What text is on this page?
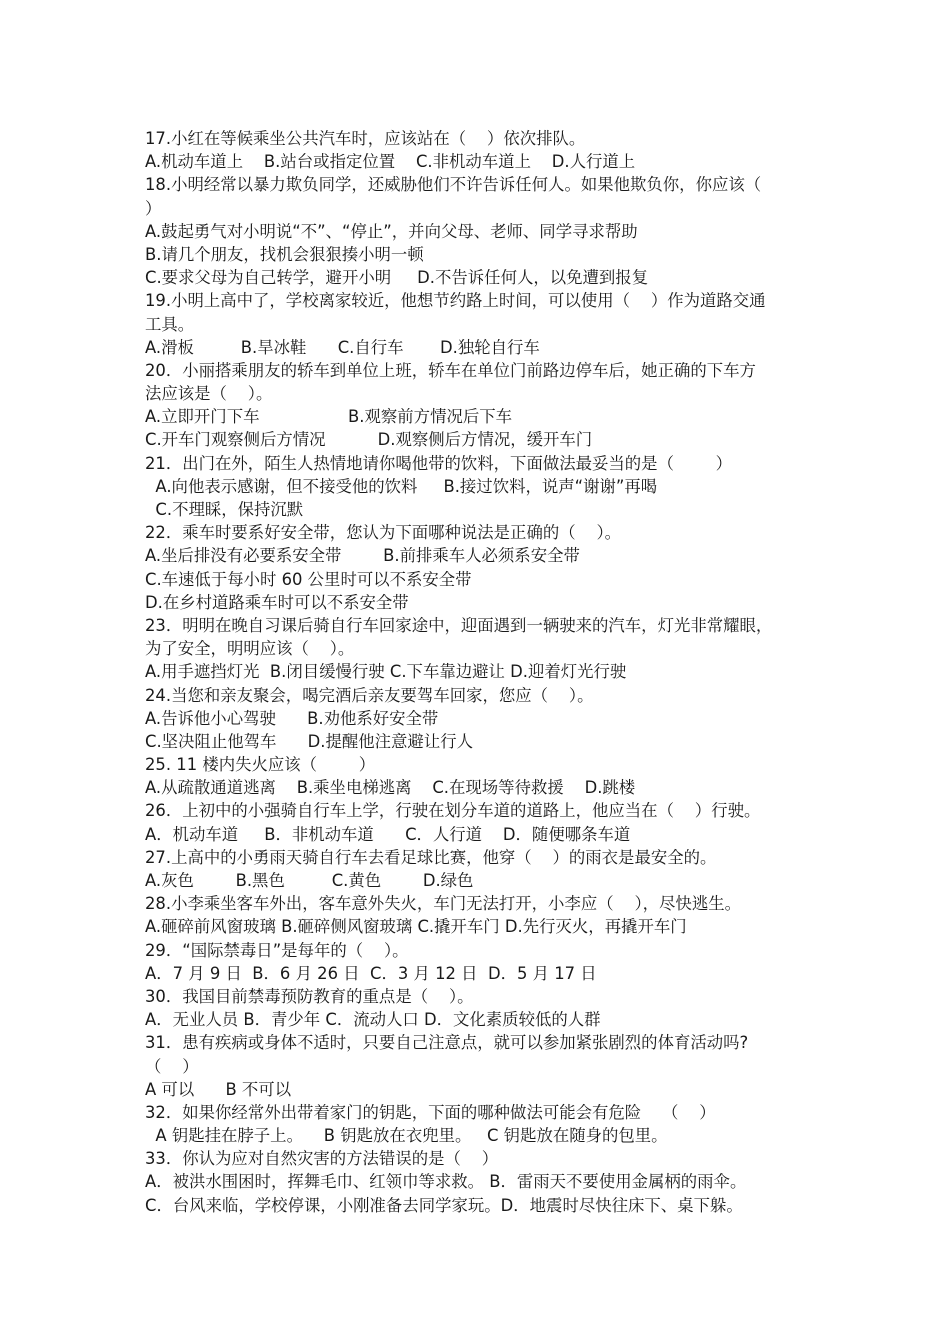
17.小红在等候乘坐公共汽车时，应该站在（    ）依次排队。
A.机动车道上    B.站台或指定位置    C.非机动车道上    D.人行道上
18.小明经常以暴力欺负同学，还威胁他们不许告诉任何人。如果他欺负你，你应该（
）
A.鼓起勇气对小明说“不”、“停止”，并向父母、老师、同学寻求帮助
B.请几个朋友，找机会狠狠揍小明一顿
C.要求父母为自己转学，避开小明     D.不告诉任何人，以免遭到报复
19.小明上高中了，学校离家较近，他想节约路上时间，可以使用（    ）作为道路交通
工具。
A.滑板         B.旱冰鞋      C.自行车       D.独轮自行车
20．小丽搭乘朋友的轿车到单位上班，轿车在单位门前路边停车后，她正确的下车方
法应该是（    ）。
A.立即开门下车                 B.观察前方情况后下车
C.开车门观察侧后方情况          D.观察侧后方情况，缓开车门
21．出门在外，陌生人热情地请你喝他带的饮料，下面做法最妥当的是（        ）
A.向他表示感谢，但不接受他的饮料     B.接过饮料，说声“谢谢”再喝
C.不理睬，保持沉默
22．乘车时要系好安全带，您认为下面哪种说法是正确的（    ）。
A.坐后排没有必要系安全带        B.前排乘车人必须系安全带
C.车速低于每小时 60 公里时可以不系安全带
D.在乡村道路乘车时可以不系安全带
23．明明在晚自习课后骑自行车回家途中，迎面遇到一辆驶来的汽车，灯光非常耀眼，
为了安全，明明应该（    ）。
A.用手遮挡灯光  B.闭目缓慢行驶 C.下车靠边避让 D.迎着灯光行驶
24.当您和亲友聚会，喝完酒后亲友要驾车回家，您应（    ）。
A.告诉他小心驾驶      B.劝他系好安全带
C.坚决阻止他驾车      D.提醒他注意避让行人
25. 11 楼内失火应该（        ）
A.从疏散通道逃离    B.乘坐电梯逃离    C.在现场等待救援    D.跳楼
26．上初中的小强骑自行车上学，行驶在划分车道的道路上，他应当在（    ）行驶。
A．机动车道     B．非机动车道      C．人行道    D．随便哪条车道
27.上高中的小勇雨天骑自行车去看足球比赛，他穿（    ）的雨衣是最安全的。
A.灰色        B.黑色         C.黄色        D.绿色
28.小李乘坐客车外出，客车意外失火，车门无法打开，小李应（    ），尽快逃生。
A.砸碎前风窗玻璃 B.砸碎侧风窗玻璃 C.撬开车门 D.先行灭火，再撬开车门
29．“国际禁毒日”是每年的（    ）。
A．7 月 9 日  B．6 月 26 日  C．3 月 12 日  D．5 月 17 日
30．我国目前禁毒预防教育的重点是（    ）。
A．无业人员 B．青少年 C．流动人口 D．文化素质较低的人群
31．患有疾病或身体不适时，只要自己注意点，就可以参加紧张剧烈的体育活动吗?
（    ）
A 可以      B 不可以
32．如果你经常外出带着家门的钥匙，下面的哪种做法可能会有危险    （    ）
A 钥匙挂在脖子上。    B 钥匙放在衣兜里。   C 钥匙放在随身的包里。
33．你认为应对自然灾害的方法错误的是（    ）
A．被洪水围困时，挥舞毛巾、红领巾等求救。 B．雷雨天不要使用金属柄的雨伞。
C．台风来临，学校停课，小刚准备去同学家玩。D．地震时尽快往床下、桌下躲。
